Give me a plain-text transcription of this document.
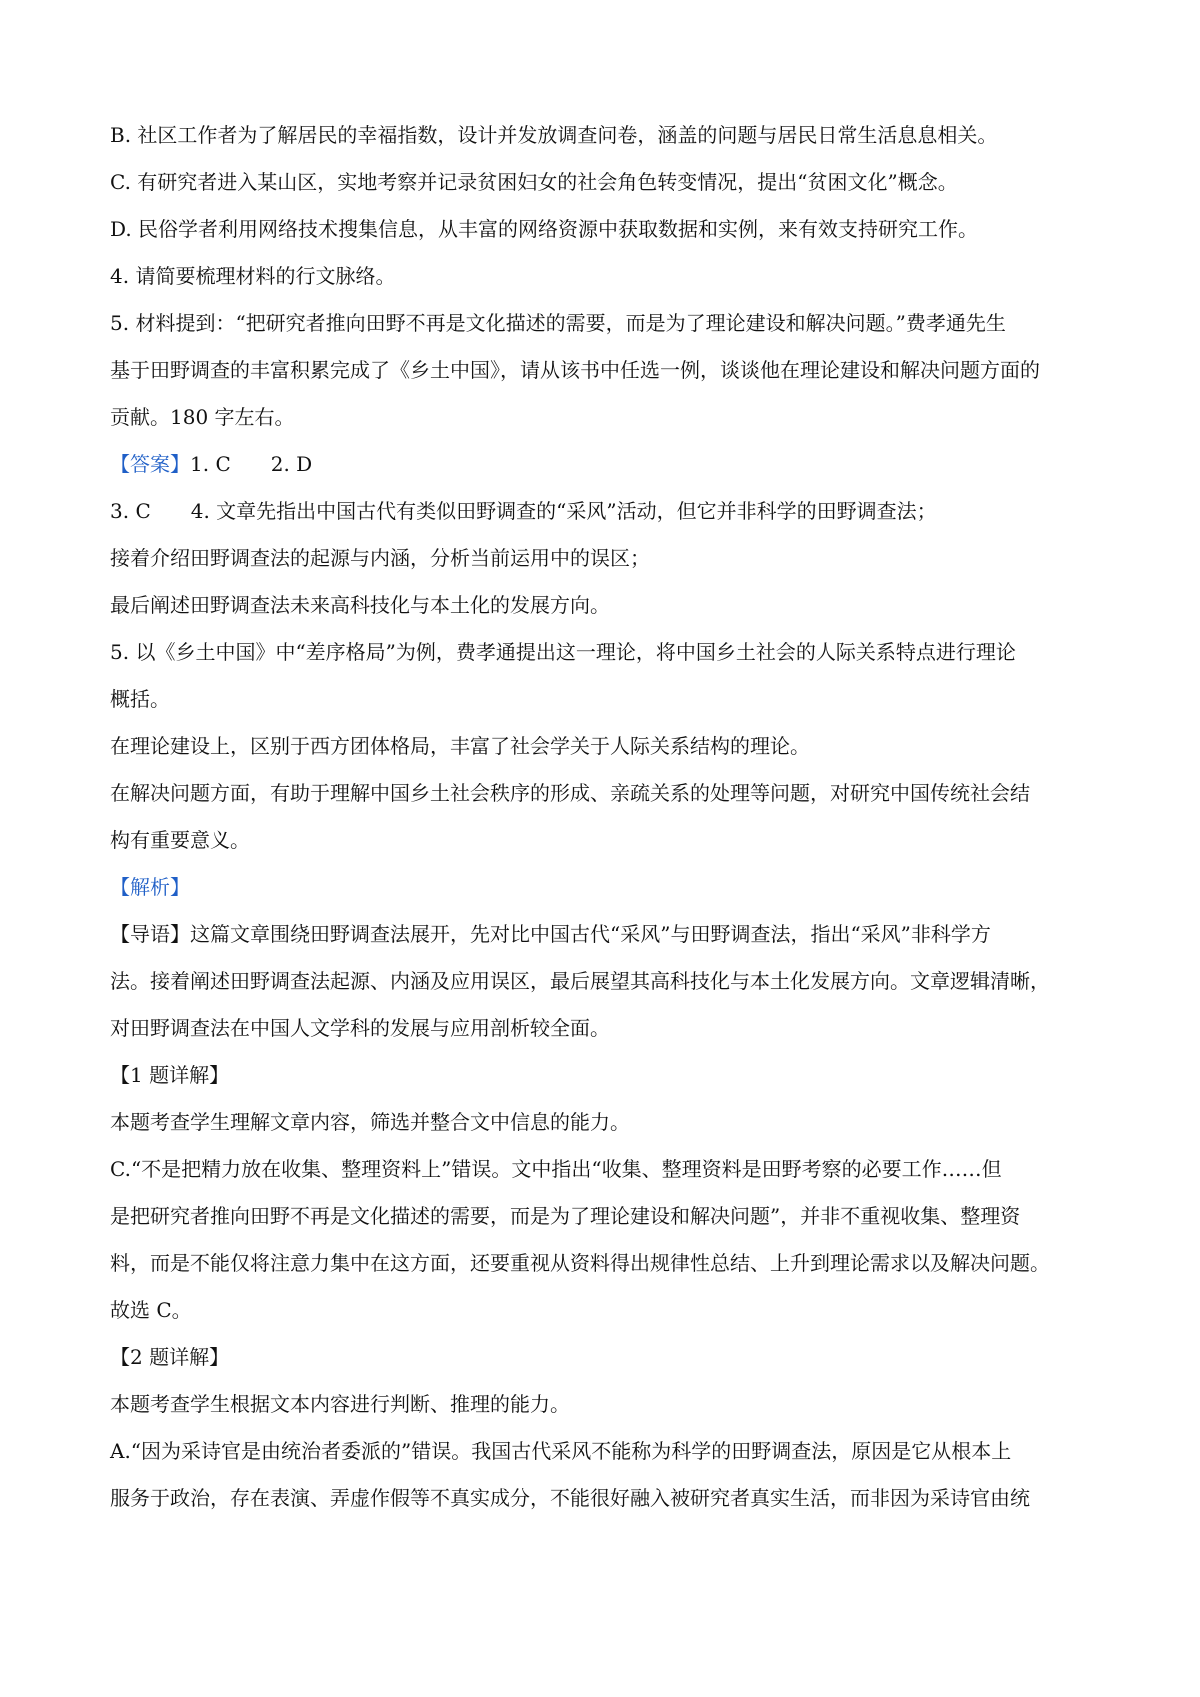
B. 社区工作者为了解居民的幸福指数，设计并发放调查问卷，涵盖的问题与居民日常生活息息相关。

C. 有研究者进入某山区，实地考察并记录贫困妇女的社会角色转变情况，提出“贫困文化”概念。

D. 民俗学者利用网络技术搜集信息，从丰富的网络资源中获取数据和实例，来有效支持研究工作。

4. 请简要梳理材料的行文脉络。

5. 材料提到：“把研究者推向田野不再是文化描述的需要，而是为了理论建设和解决问题。”费孝通先生

基于田野调查的丰富积累完成了《乡土中国》，请从该书中任选一例，谈谈他在理论建设和解决问题方面的

贡献。180 字左右。

【答案】1. C　　2. D

3. C　　4. 文章先指出中国古代有类似田野调查的“采风”活动，但它并非科学的田野调查法；

接着介绍田野调查法的起源与内涵，分析当前运用中的误区；

最后阐述田野调查法未来高科技化与本土化的发展方向。

5. 以《乡土中国》中“差序格局”为例，费孝通提出这一理论，将中国乡土社会的人际关系特点进行理论

概括。

在理论建设上，区别于西方团体格局，丰富了社会学关于人际关系结构的理论。

在解决问题方面，有助于理解中国乡土社会秩序的形成、亲疏关系的处理等问题，对研究中国传统社会结

构有重要意义。

【解析】

【导语】这篇文章围绕田野调查法展开，先对比中国古代“采风”与田野调查法，指出“采风”非科学方

法。接着阐述田野调查法起源、内涵及应用误区，最后展望其高科技化与本土化发展方向。文章逻辑清晰，

对田野调查法在中国人文学科的发展与应用剖析较全面。

【1 题详解】

本题考查学生理解文章内容，筛选并整合文中信息的能力。

C.“不是把精力放在收集、整理资料上”错误。文中指出“收集、整理资料是田野考察的必要工作……但

是把研究者推向田野不再是文化描述的需要，而是为了理论建设和解决问题”，并非不重视收集、整理资

料，而是不能仅将注意力集中在这方面，还要重视从资料得出规律性总结、上升到理论需求以及解决问题。

故选 C。

【2 题详解】

本题考查学生根据文本内容进行判断、推理的能力。

A.“因为采诗官是由统治者委派的”错误。我国古代采风不能称为科学的田野调查法，原因是它从根本上

服务于政治，存在表演、弄虚作假等不真实成分，不能很好融入被研究者真实生活，而非因为采诗官由统
